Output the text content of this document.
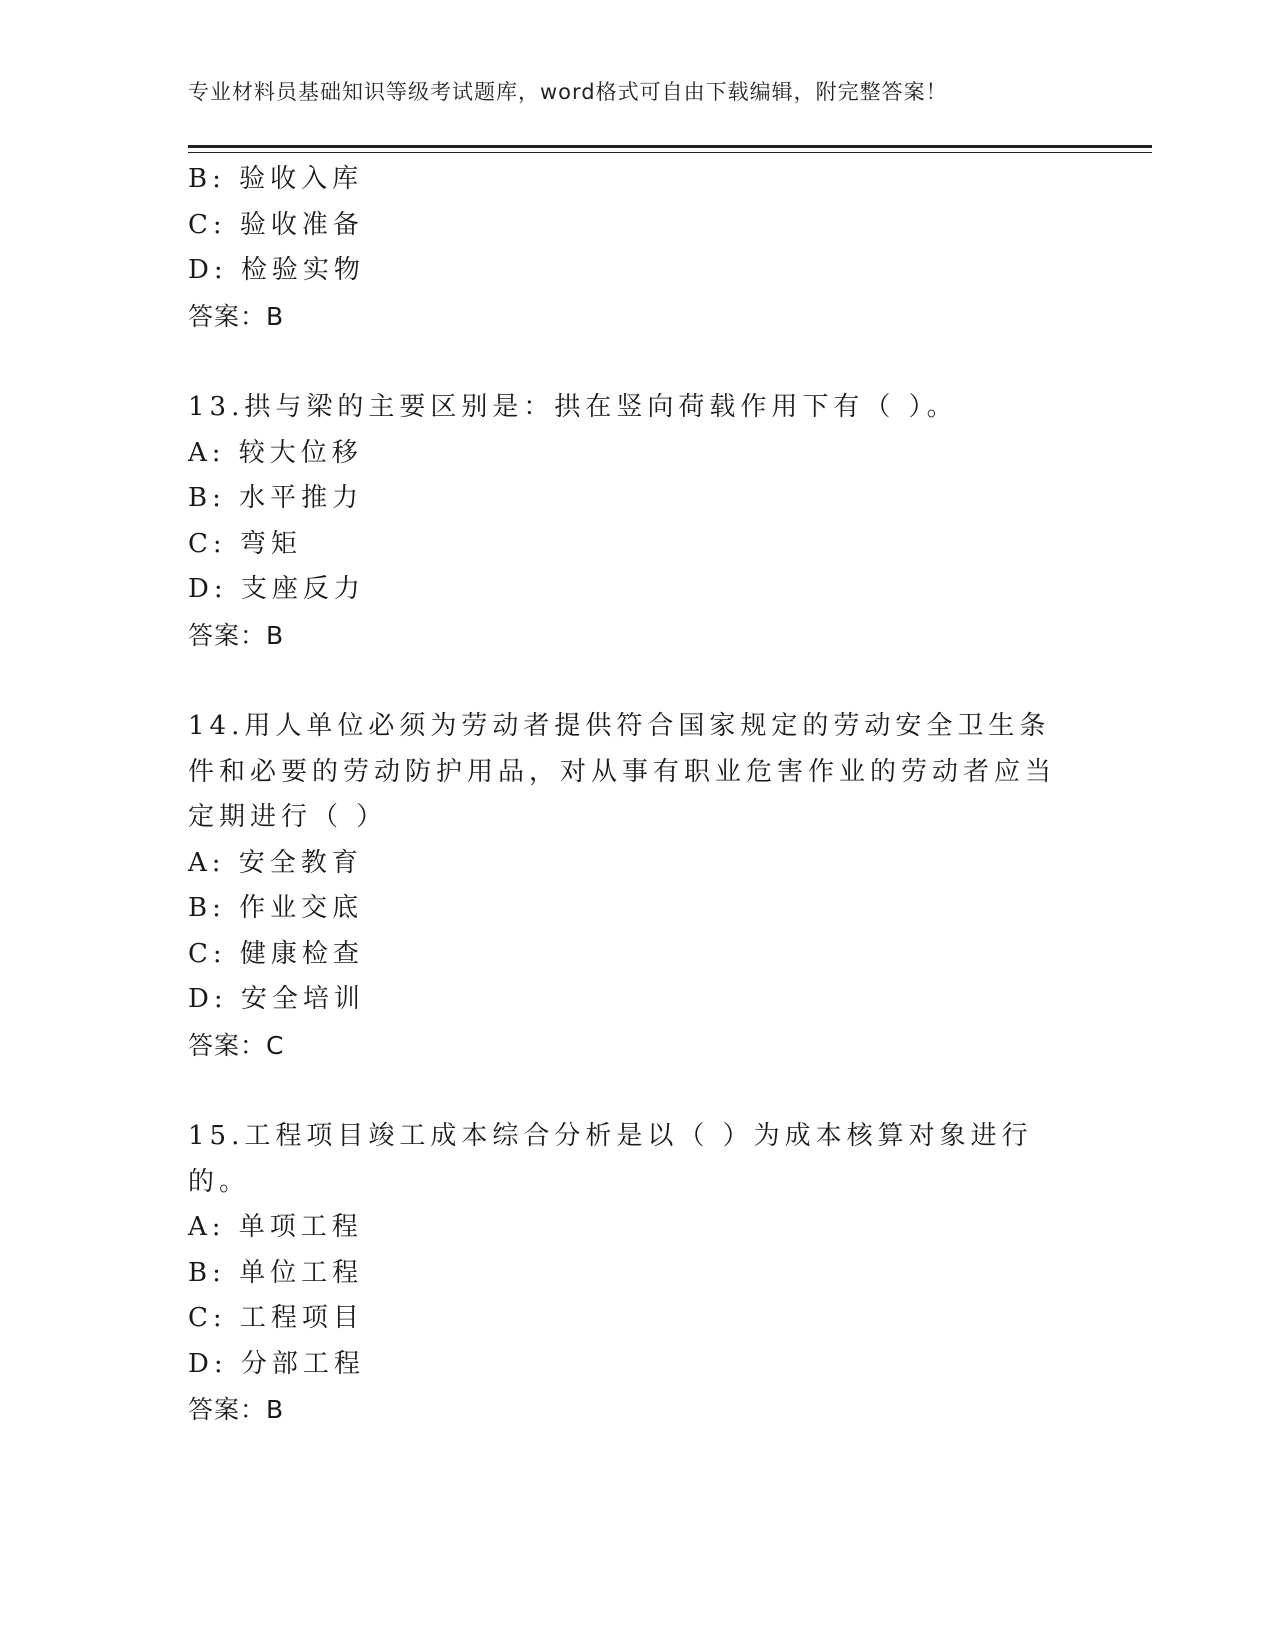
专业材料员基础知识等级考试题库，word格式可自由下载编辑，附完整答案！
B: 验收入库
C: 验收准备
D: 检验实物
答案：B
13.拱与梁的主要区别是：拱在竖向荷载作用下有（ ）。
A: 较大位移
B: 水平推力
C: 弯矩
D: 支座反力
答案：B
14.用人单位必须为劳动者提供符合国家规定的劳动安全卫生条件和必要的劳动防护用品，对从事有职业危害作业的劳动者应当定期进行（ ）
A: 安全教育
B: 作业交底
C: 健康检查
D: 安全培训
答案：C
15.工程项目竣工成本综合分析是以（ ）为成本核算对象进行的。
A: 单项工程
B: 单位工程
C: 工程项目
D: 分部工程
答案：B
